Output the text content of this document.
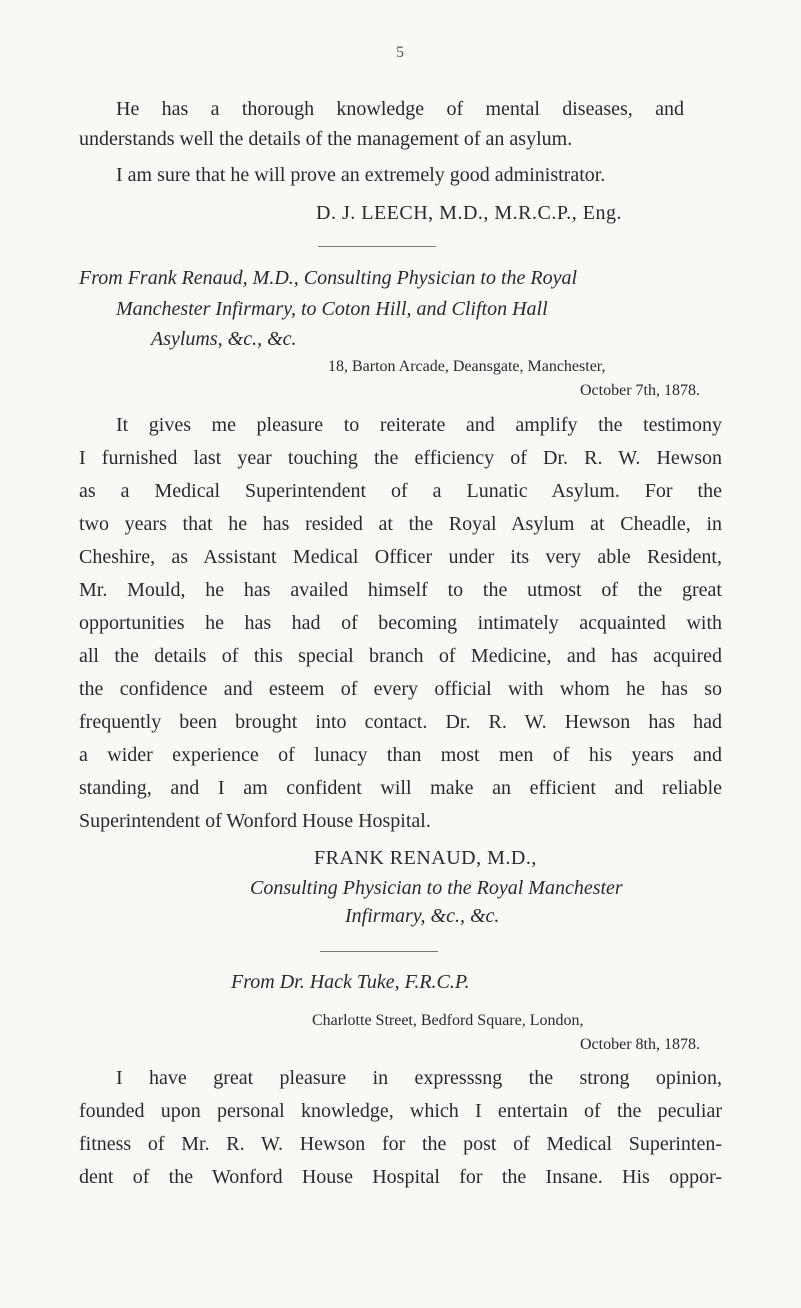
5
He has a thorough knowledge of mental diseases, and
understands well the details of the management of an asylum.
I am sure that he will prove an extremely good administrator.
D. J. LEECH, M.D., M.R.C.P., Eng.
From Frank Renaud, M.D., Consulting Physician to the Royal
Manchester Infirmary, to Coton Hill, and Clifton Hall
Asylums, &c., &c.
18, Barton Arcade, Deansgate, Manchester,
October 7th, 1878.
It gives me pleasure to reiterate and amplify the testimony
I furnished last year touching the efficiency of Dr. R. W. Hewson
as a Medical Superintendent of a Lunatic Asylum. For the
two years that he has resided at the Royal Asylum at Cheadle, in
Cheshire, as Assistant Medical Officer under its very able Resident,
Mr. Mould, he has availed himself to the utmost of the great
opportunities he has had of becoming intimately acquainted with
all the details of this special branch of Medicine, and has acquired
the confidence and esteem of every official with whom he has so
frequently been brought into contact. Dr. R. W. Hewson has had
a wider experience of lunacy than most men of his years and
standing, and I am confident will make an efficient and reliable
Superintendent of Wonford House Hospital.
FRANK RENAUD, M.D.,
Consulting Physician to the Royal Manchester
Infirmary, &c., &c.
From Dr. Hack Tuke, F.R.C.P.
Charlotte Street, Bedford Square, London,
October 8th, 1878.
I have great pleasure in expresssng the strong opinion,
founded upon personal knowledge, which I entertain of the peculiar
fitness of Mr. R. W. Hewson for the post of Medical Superinten-
dent of the Wonford House Hospital for the Insane. His oppor-
